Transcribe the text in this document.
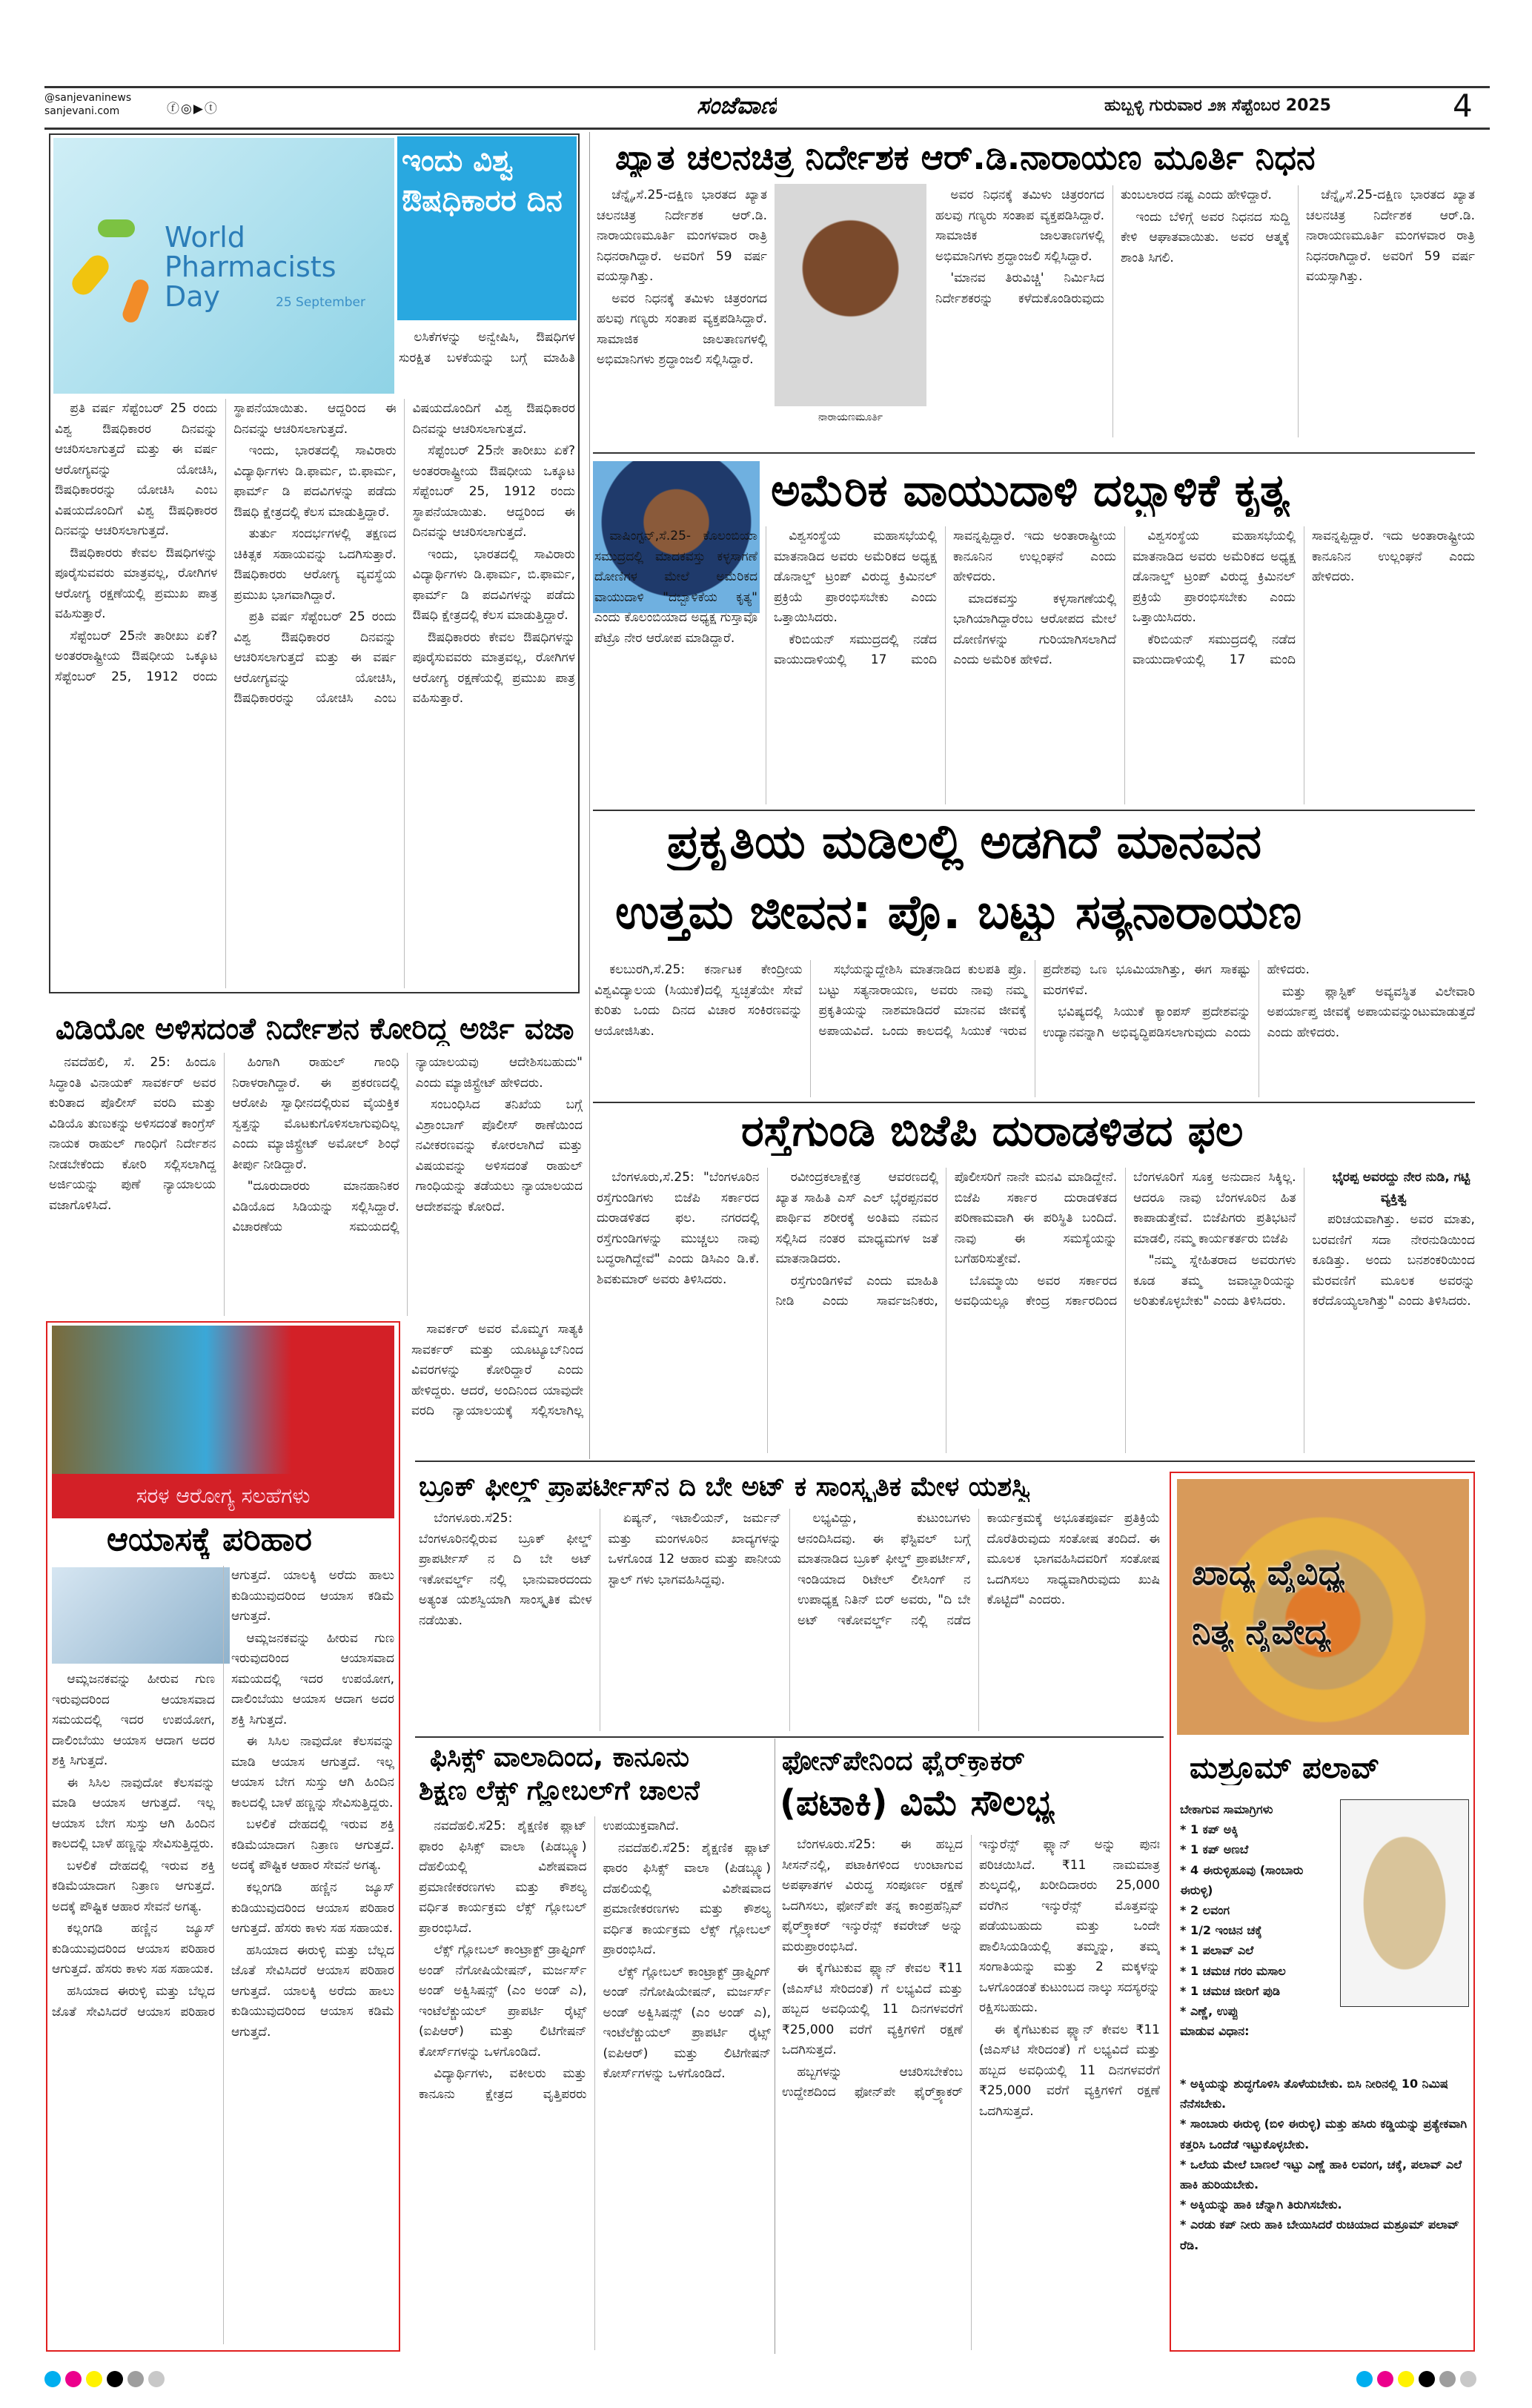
@sanjevaninews
sanjevani.com	ⓕ◎▶ⓣ	ಸಂಜೆವಾಣಿ	ಹುಬ್ಬಳ್ಳಿ ಗುರುವಾರ ೨೫ ಸೆಪ್ಟೆಂಬರ 2025	4
World Pharmacists Day	25 September
ಇಂದು ವಿಶ್ವ ಔಷಧಿಕಾರರ ದಿನ

ಲಸಿಕೆಗಳನ್ನು ಅನ್ವೇಷಿಸಿ, ಔಷಧಿಗಳ ಸುರಕ್ಷಿತ ಬಳಕೆಯನ್ನು ಬಗ್ಗೆ ಮಾಹಿತಿ

ಪ್ರತಿ ವರ್ಷ ಸೆಪ್ಟೆಂಬರ್ 25 ರಂದು ವಿಶ್ವ ಔಷಧಿಕಾರರ ದಿನವನ್ನು ಆಚರಿಸಲಾಗುತ್ತದೆ ಮತ್ತು ಈ ವರ್ಷ ಆರೋಗ್ಯವನ್ನು ಯೋಚಿಸಿ, ಔಷಧಿಕಾರರನ್ನು ಯೋಚಿಸಿ ಎಂಬ ವಿಷಯದೊಂದಿಗೆ ವಿಶ್ವ ಔಷಧಿಕಾರರ ದಿನವನ್ನು ಆಚರಿಸಲಾಗುತ್ತದೆ.

ಔಷಧಿಕಾರರು ಕೇವಲ ಔಷಧಿಗಳನ್ನು ಪೂರೈಸುವವರು ಮಾತ್ರವಲ್ಲ, ರೋಗಿಗಳ ಆರೋಗ್ಯ ರಕ್ಷಣೆಯಲ್ಲಿ ಪ್ರಮುಖ ಪಾತ್ರ ವಹಿಸುತ್ತಾರೆ.

ಸೆಪ್ಟೆಂಬರ್ 25ನೇ ತಾರೀಖು ಏಕೆ? ಅಂತರರಾಷ್ಟ್ರೀಯ ಔಷಧೀಯ ಒಕ್ಕೂಟ ಸೆಪ್ಟೆಂಬರ್ 25, 1912 ರಂದು ಸ್ಥಾಪನೆಯಾಯಿತು. ಆದ್ದರಿಂದ ಈ ದಿನವನ್ನು ಆಚರಿಸಲಾಗುತ್ತದೆ.

ಇಂದು, ಭಾರತದಲ್ಲಿ ಸಾವಿರಾರು ವಿದ್ಯಾರ್ಥಿಗಳು ಡಿ.ಫಾರ್ಮ, ಬಿ.ಫಾರ್ಮ, ಫಾರ್ಮ್ ಡಿ ಪದವಿಗಳನ್ನು ಪಡೆದು ಔಷಧಿ ಕ್ಷೇತ್ರದಲ್ಲಿ ಕೆಲಸ ಮಾಡುತ್ತಿದ್ದಾರೆ.

ತುರ್ತು ಸಂದರ್ಭಗಳಲ್ಲಿ ತಕ್ಷಣದ ಚಿಕಿತ್ಸಕ ಸಹಾಯವನ್ನು ಒದಗಿಸುತ್ತಾರೆ. ಔಷಧಿಕಾರರು ಆರೋಗ್ಯ ವ್ಯವಸ್ಥೆಯ ಪ್ರಮುಖ ಭಾಗವಾಗಿದ್ದಾರೆ.

ಪ್ರತಿ ವರ್ಷ ಸೆಪ್ಟೆಂಬರ್ 25 ರಂದು ವಿಶ್ವ ಔಷಧಿಕಾರರ ದಿನವನ್ನು ಆಚರಿಸಲಾಗುತ್ತದೆ ಮತ್ತು ಈ ವರ್ಷ ಆರೋಗ್ಯವನ್ನು ಯೋಚಿಸಿ, ಔಷಧಿಕಾರರನ್ನು ಯೋಚಿಸಿ ಎಂಬ ವಿಷಯದೊಂದಿಗೆ ವಿಶ್ವ ಔಷಧಿಕಾರರ ದಿನವನ್ನು ಆಚರಿಸಲಾಗುತ್ತದೆ.

ಸೆಪ್ಟೆಂಬರ್ 25ನೇ ತಾರೀಖು ಏಕೆ? ಅಂತರರಾಷ್ಟ್ರೀಯ ಔಷಧೀಯ ಒಕ್ಕೂಟ ಸೆಪ್ಟೆಂಬರ್ 25, 1912 ರಂದು ಸ್ಥಾಪನೆಯಾಯಿತು. ಆದ್ದರಿಂದ ಈ ದಿನವನ್ನು ಆಚರಿಸಲಾಗುತ್ತದೆ.

ಇಂದು, ಭಾರತದಲ್ಲಿ ಸಾವಿರಾರು ವಿದ್ಯಾರ್ಥಿಗಳು ಡಿ.ಫಾರ್ಮ, ಬಿ.ಫಾರ್ಮ, ಫಾರ್ಮ್ ಡಿ ಪದವಿಗಳನ್ನು ಪಡೆದು ಔಷಧಿ ಕ್ಷೇತ್ರದಲ್ಲಿ ಕೆಲಸ ಮಾಡುತ್ತಿದ್ದಾರೆ.

ಔಷಧಿಕಾರರು ಕೇವಲ ಔಷಧಿಗಳನ್ನು ಪೂರೈಸುವವರು ಮಾತ್ರವಲ್ಲ, ರೋಗಿಗಳ ಆರೋಗ್ಯ ರಕ್ಷಣೆಯಲ್ಲಿ ಪ್ರಮುಖ ಪಾತ್ರ ವಹಿಸುತ್ತಾರೆ.

ಖ್ಯಾತ ಚಲನಚಿತ್ರ ನಿರ್ದೇಶಕ ಆರ್.ಡಿ.ನಾರಾಯಣ ಮೂರ್ತಿ ನಿಧನ

ಚೆನ್ನೈ,ಸೆ.25-ದಕ್ಷಿಣ ಭಾರತದ ಖ್ಯಾತ ಚಲನಚಿತ್ರ ನಿರ್ದೇಶಕ ಆರ್.ಡಿ. ನಾರಾಯಣಮೂರ್ತಿ ಮಂಗಳವಾರ ರಾತ್ರಿ ನಿಧನರಾಗಿದ್ದಾರೆ. ಅವರಿಗೆ 59 ವರ್ಷ ವಯಸ್ಸಾಗಿತ್ತು.

ಅವರ ನಿಧನಕ್ಕೆ ತಮಿಳು ಚಿತ್ರರಂಗದ ಹಲವು ಗಣ್ಯರು ಸಂತಾಪ ವ್ಯಕ್ತಪಡಿಸಿದ್ದಾರೆ. ಸಾಮಾಜಿಕ ಜಾಲತಾಣಗಳಲ್ಲಿ ಅಭಿಮಾನಿಗಳು ಶ್ರದ್ಧಾಂಜಲಿ ಸಲ್ಲಿಸಿದ್ದಾರೆ.

ನಾರಾಯಣಮೂರ್ತಿ

ಅವರ ನಿಧನಕ್ಕೆ ತಮಿಳು ಚಿತ್ರರಂಗದ ಹಲವು ಗಣ್ಯರು ಸಂತಾಪ ವ್ಯಕ್ತಪಡಿಸಿದ್ದಾರೆ. ಸಾಮಾಜಿಕ ಜಾಲತಾಣಗಳಲ್ಲಿ ಅಭಿಮಾನಿಗಳು ಶ್ರದ್ಧಾಂಜಲಿ ಸಲ್ಲಿಸಿದ್ದಾರೆ.

'ಮಾನವ ತಿರುವಿಚ್ಚಿ' ನಿರ್ಮಿಸಿದ ನಿರ್ದೇಶಕರನ್ನು ಕಳೆದುಕೊಂಡಿರುವುದು ತುಂಬಲಾರದ ನಷ್ಟ ಎಂದು ಹೇಳಿದ್ದಾರೆ.

ಇಂದು ಬೆಳಿಗ್ಗೆ ಅವರ ನಿಧನದ ಸುದ್ದಿ ಕೇಳಿ ಆಘಾತವಾಯಿತು. ಅವರ ಆತ್ಮಕ್ಕೆ ಶಾಂತಿ ಸಿಗಲಿ.

ಚೆನ್ನೈ,ಸೆ.25-ದಕ್ಷಿಣ ಭಾರತದ ಖ್ಯಾತ ಚಲನಚಿತ್ರ ನಿರ್ದೇಶಕ ಆರ್.ಡಿ. ನಾರಾಯಣಮೂರ್ತಿ ಮಂಗಳವಾರ ರಾತ್ರಿ ನಿಧನರಾಗಿದ್ದಾರೆ. ಅವರಿಗೆ 59 ವರ್ಷ ವಯಸ್ಸಾಗಿತ್ತು.

ಅಮೆರಿಕ ವಾಯುದಾಳಿ ದಬ್ಬಾಳಿಕೆ ಕೃತ್ಯ

ವಾಷಿಂಗ್ಟನ್,ಸೆ.25- ಕೊಲಂಬಿಯಾ ಸಮುದ್ರದಲ್ಲಿ ಮಾದಕವಸ್ತು ಕಳ್ಳಸಾಗಣೆ ದೋಣಿಗಳ ಮೇಲೆ ಅಮೆರಿಕದ ವಾಯುದಾಳಿ "ದಬ್ಬಾಳಿಕೆಯ ಕೃತ್ಯ" ಎಂದು ಕೊಲಂಬಿಯಾದ ಅಧ್ಯಕ್ಷ ಗುಸ್ತಾವೊ ಪೆಟ್ರೊ ನೇರ ಆರೋಪ ಮಾಡಿದ್ದಾರೆ.

ವಿಶ್ವಸಂಸ್ಥೆಯ ಮಹಾಸಭೆಯಲ್ಲಿ ಮಾತನಾಡಿದ ಅವರು ಅಮೆರಿಕದ ಅಧ್ಯಕ್ಷ ಡೊನಾಲ್ಡ್ ಟ್ರಂಪ್ ವಿರುದ್ಧ ಕ್ರಿಮಿನಲ್ ಪ್ರಕ್ರಿಯೆ ಪ್ರಾರಂಭಿಸಬೇಕು ಎಂದು ಒತ್ತಾಯಿಸಿದರು.

ಕೆರಿಬಿಯನ್ ಸಮುದ್ರದಲ್ಲಿ ನಡೆದ ವಾಯುದಾಳಿಯಲ್ಲಿ 17 ಮಂದಿ ಸಾವನ್ನಪ್ಪಿದ್ದಾರೆ. ಇದು ಅಂತಾರಾಷ್ಟ್ರೀಯ ಕಾನೂನಿನ ಉಲ್ಲಂಘನೆ ಎಂದು ಹೇಳಿದರು.

ಮಾದಕವಸ್ತು ಕಳ್ಳಸಾಗಣೆಯಲ್ಲಿ ಭಾಗಿಯಾಗಿದ್ದಾರೆಂಬ ಆರೋಪದ ಮೇಲೆ ದೋಣಿಗಳನ್ನು ಗುರಿಯಾಗಿಸಲಾಗಿದೆ ಎಂದು ಅಮೆರಿಕ ಹೇಳಿದೆ.

ವಿಶ್ವಸಂಸ್ಥೆಯ ಮಹಾಸಭೆಯಲ್ಲಿ ಮಾತನಾಡಿದ ಅವರು ಅಮೆರಿಕದ ಅಧ್ಯಕ್ಷ ಡೊನಾಲ್ಡ್ ಟ್ರಂಪ್ ವಿರುದ್ಧ ಕ್ರಿಮಿನಲ್ ಪ್ರಕ್ರಿಯೆ ಪ್ರಾರಂಭಿಸಬೇಕು ಎಂದು ಒತ್ತಾಯಿಸಿದರು.

ಕೆರಿಬಿಯನ್ ಸಮುದ್ರದಲ್ಲಿ ನಡೆದ ವಾಯುದಾಳಿಯಲ್ಲಿ 17 ಮಂದಿ ಸಾವನ್ನಪ್ಪಿದ್ದಾರೆ. ಇದು ಅಂತಾರಾಷ್ಟ್ರೀಯ ಕಾನೂನಿನ ಉಲ್ಲಂಘನೆ ಎಂದು ಹೇಳಿದರು.

ಪ್ರಕೃತಿಯ ಮಡಿಲಲ್ಲಿ ಅಡಗಿದೆ ಮಾನವನ
ಉತ್ತಮ ಜೀವನ: ಪ್ರೊ. ಬಟ್ಟು ಸತ್ಯನಾರಾಯಣ

ಕಲಬುರಗಿ,ಸೆ.25: ಕರ್ನಾಟಕ ಕೇಂದ್ರೀಯ ವಿಶ್ವವಿದ್ಯಾಲಯ (ಸಿಯುಕೆ)ದಲ್ಲಿ ಸ್ವಚ್ಛತೆಯೇ ಸೇವೆ ಕುರಿತು ಒಂದು ದಿನದ ವಿಚಾರ ಸಂಕಿರಣವನ್ನು ಆಯೋಜಿಸಿತು.

ಸಭೆಯನ್ನುದ್ದೇಶಿಸಿ ಮಾತನಾಡಿದ ಕುಲಪತಿ ಪ್ರೊ. ಬಟ್ಟು ಸತ್ಯನಾರಾಯಣ, ಅವರು ನಾವು ನಮ್ಮ ಪ್ರಕೃತಿಯನ್ನು ನಾಶಮಾಡಿದರೆ ಮಾನವ ಜೀವಕ್ಕೆ ಅಪಾಯವಿದೆ. ಒಂದು ಕಾಲದಲ್ಲಿ ಸಿಯುಕೆ ಇರುವ ಪ್ರದೇಶವು ಒಣ ಭೂಮಿಯಾಗಿತ್ತು, ಈಗ ಸಾಕಷ್ಟು ಮರಗಳಿವೆ.

ಭವಿಷ್ಯದಲ್ಲಿ ಸಿಯುಕೆ ಕ್ಯಾಂಪಸ್ ಪ್ರದೇಶವನ್ನು ಉದ್ಯಾನವನ್ನಾಗಿ ಅಭಿವೃದ್ಧಿಪಡಿಸಲಾಗುವುದು ಎಂದು ಹೇಳಿದರು.

ಮತ್ತು ಪ್ಲಾಸ್ಟಿಕ್ ಅವ್ಯವಸ್ಥಿತ ವಿಲೇವಾರಿ ಅಪರ್ಯಾಪ್ತ ಜೀವಕ್ಕೆ ಅಪಾಯವನ್ನುಂಟುಮಾಡುತ್ತದೆ ಎಂದು ಹೇಳಿದರು.

ವಿಡಿಯೋ ಅಳಿಸದಂತೆ ನಿರ್ದೇಶನ ಕೋರಿದ್ದ ಅರ್ಜಿ ವಜಾ

ನವದೆಹಲಿ, ಸೆ. 25: ಹಿಂದೂ ಸಿದ್ಧಾಂತಿ ವಿನಾಯಕ್ ಸಾವರ್ಕರ್ ಅವರ ಕುರಿತಾದ ಪೊಲೀಸ್ ವರದಿ ಮತ್ತು ವಿಡಿಯೊ ತುಣುಕನ್ನು ಅಳಿಸದಂತೆ ಕಾಂಗ್ರೆಸ್ ನಾಯಕ ರಾಹುಲ್ ಗಾಂಧಿಗೆ ನಿರ್ದೇಶನ ನೀಡಬೇಕೆಂದು ಕೋರಿ ಸಲ್ಲಿಸಲಾಗಿದ್ದ ಅರ್ಜಿಯನ್ನು ಪುಣೆ ನ್ಯಾಯಾಲಯ ವಜಾಗೊಳಿಸಿದೆ.

ಹಿಂಗಾಗಿ ರಾಹುಲ್ ಗಾಂಧಿ ನಿರಾಳರಾಗಿದ್ದಾರೆ. ಈ ಪ್ರಕರಣದಲ್ಲಿ ಆರೋಪಿ ಸ್ವಾಧೀನದಲ್ಲಿರುವ ವೈಯಕ್ತಿಕ ಸ್ವತ್ತನ್ನು ಮೊಟಕುಗೊಳಿಸಲಾಗುವುದಿಲ್ಲ ಎಂದು ಮ್ಯಾಜಿಸ್ಟ್ರೇಟ್ ಅಮೋಲ್ ಶಿಂಧೆ ತೀರ್ಪು ನೀಡಿದ್ದಾರೆ.

"ದೂರುದಾರರು ಮಾನಹಾನಿಕರ ವಿಡಿಯೊದ ಸಿಡಿಯನ್ನು ಸಲ್ಲಿಸಿದ್ದಾರೆ. ವಿಚಾರಣೆಯ ಸಮಯದಲ್ಲಿ ನ್ಯಾಯಾಲಯವು ಆದೇಶಿಸಬಹುದು" ಎಂದು ಮ್ಯಾಜಿಸ್ಟ್ರೇಟ್ ಹೇಳಿದರು.

ಸಂಬಂಧಿಸಿದ ತನಿಖೆಯ ಬಗ್ಗೆ ವಿಶ್ರಾಂಬಾಗ್ ಪೊಲೀಸ್ ಠಾಣೆಯಿಂದ ನವೀಕರಣವನ್ನು ಕೋರಲಾಗಿದೆ ಮತ್ತು ವಿಷಯವನ್ನು ಅಳಿಸದಂತೆ ರಾಹುಲ್ ಗಾಂಧಿಯನ್ನು ತಡೆಯಲು ನ್ಯಾಯಾಲಯದ ಆದೇಶವನ್ನು ಕೋರಿದೆ.

ಸಾವರ್ಕರ್ ಅವರ ಮೊಮ್ಮಗ ಸಾತ್ಯಕಿ ಸಾವರ್ಕರ್ ಮತ್ತು ಯೂಟ್ಯೂಬ್‌ನಿಂದ ವಿವರಗಳನ್ನು ಕೋರಿದ್ದಾರೆ ಎಂದು ಹೇಳಿದ್ದರು. ಆದರೆ, ಅಂದಿನಿಂದ ಯಾವುದೇ ವರದಿ ನ್ಯಾಯಾಲಯಕ್ಕೆ ಸಲ್ಲಿಸಲಾಗಿಲ್ಲ

ರಸ್ತೆಗುಂಡಿ ಬಿಜೆಪಿ ದುರಾಡಳಿತದ ಫಲ

ಬೆಂಗಳೂರು,ಸೆ.25: "ಬೆಂಗಳೂರಿನ ರಸ್ತೆಗುಂಡಿಗಳು ಬಿಜೆಪಿ ಸರ್ಕಾರದ ದುರಾಡಳಿತದ ಫಲ. ನಗರದಲ್ಲಿ ರಸ್ತೆಗುಂಡಿಗಳನ್ನು ಮುಚ್ಚಲು ನಾವು ಬದ್ಧರಾಗಿದ್ದೇವೆ" ಎಂದು ಡಿಸಿಎಂ ಡಿ.ಕೆ. ಶಿವಕುಮಾರ್ ಅವರು ತಿಳಿಸಿದರು.

ರವೀಂದ್ರಕಲಾಕ್ಷೇತ್ರ ಆವರಣದಲ್ಲಿ ಖ್ಯಾತ ಸಾಹಿತಿ ಎಸ್ ಎಲ್ ಭೈರಪ್ಪನವರ ಪಾರ್ಥಿವ ಶರೀರಕ್ಕೆ ಅಂತಿಮ ನಮನ ಸಲ್ಲಿಸಿದ ನಂತರ ಮಾಧ್ಯಮಗಳ ಜತೆ ಮಾತನಾಡಿದರು.

ರಸ್ತೆಗುಂಡಿಗಳಿವೆ ಎಂದು ಮಾಹಿತಿ ನೀಡಿ ಎಂದು ಸಾರ್ವಜನಿಕರು, ಪೊಲೀಸರಿಗೆ ನಾನೇ ಮನವಿ ಮಾಡಿದ್ದೇನೆ. ಬಿಜೆಪಿ ಸರ್ಕಾರ ದುರಾಡಳಿತದ ಪರಿಣಾಮವಾಗಿ ಈ ಪರಿಸ್ಥಿತಿ ಬಂದಿದೆ. ನಾವು ಈ ಸಮಸ್ಯೆಯನ್ನು ಬಗೆಹರಿಸುತ್ತೇವೆ.

ಬೊಮ್ಮಾಯಿ ಅವರ ಸರ್ಕಾರದ ಅವಧಿಯಲ್ಲೂ ಕೇಂದ್ರ ಸರ್ಕಾರದಿಂದ ಬೆಂಗಳೂರಿಗೆ ಸೂಕ್ತ ಅನುದಾನ ಸಿಕ್ಕಿಲ್ಲ. ಆದರೂ ನಾವು ಬೆಂಗಳೂರಿನ ಹಿತ ಕಾಪಾಡುತ್ತೇವೆ. ಬಿಜೆಪಿಗರು ಪ್ರತಿಭಟನೆ ಮಾಡಲಿ, ನಮ್ಮ ಕಾರ್ಯಕರ್ತರು ಬಿಜೆಪಿ

"ನಮ್ಮ ಸ್ನೇಹಿತರಾದ ಅವರುಗಳು ಕೂಡ ತಮ್ಮ ಜವಾಬ್ದಾರಿಯನ್ನು ಅರಿತುಕೊಳ್ಳಬೇಕು" ಎಂದು ತಿಳಿಸಿದರು.

ಭೈರಪ್ಪ ಅವರದ್ದು ನೇರ ನುಡಿ, ಗಟ್ಟಿ ವ್ಯಕ್ತಿತ್ವ

ಪರಿಚಯವಾಗಿತ್ತು. ಅವರ ಮಾತು, ಬರವಣಿಗೆ ಸದಾ ನೇರನುಡಿಯಿಂದ ಕೂಡಿತ್ತು. ಅಂದು ಬನಶಂಕರಿಯಿಂದ ಮೆರವಣಿಗೆ ಮೂಲಕ ಅವರನ್ನು ಕರೆದೊಯ್ಯಲಾಗಿತ್ತು" ಎಂದು ತಿಳಿಸಿದರು.

ಸರಳ ಆರೋಗ್ಯ ಸಲಹೆಗಳು
ಆಯಾಸಕ್ಕೆ ಪರಿಹಾರ

ಆಮ್ಲಜನಕವನ್ನು ಹೀರುವ ಗುಣ ಇರುವುದರಿಂದ ಆಯಾಸವಾದ ಸಮಯದಲ್ಲಿ ಇದರ ಉಪಯೋಗ, ದಾಲಿಂಬೆಯು ಆಯಾಸ ಆದಾಗ ಅದರ ಶಕ್ತಿ ಸಿಗುತ್ತದೆ.

ಈ ಸಿಸಿಲ ನಾವುದೋ ಕೆಲಸವನ್ನು ಮಾಡಿ ಆಯಾಸ ಆಗುತ್ತದೆ. ಇಲ್ಲ ಆಯಾಸ ಬೇಗ ಸುಸ್ತು ಆಗಿ ಹಿಂದಿನ ಕಾಲದಲ್ಲಿ ಬಾಳೆ ಹಣ್ಣನ್ನು ಸೇವಿಸುತ್ತಿದ್ದರು.

ಬಳಲಿಕೆ ದೇಹದಲ್ಲಿ ಇರುವ ಶಕ್ತಿ ಕಡಿಮೆಯಾದಾಗ ನಿತ್ರಾಣ ಆಗುತ್ತದೆ. ಅದಕ್ಕೆ ಪೌಷ್ಟಿಕ ಆಹಾರ ಸೇವನೆ ಅಗತ್ಯ.

ಕಲ್ಲಂಗಡಿ ಹಣ್ಣಿನ ಜ್ಯೂಸ್ ಕುಡಿಯುವುದರಿಂದ ಆಯಾಸ ಪರಿಹಾರ ಆಗುತ್ತದೆ. ಹೆಸರು ಕಾಳು ಸಹ ಸಹಾಯಕ.

ಹಸಿಯಾದ ಈರುಳ್ಳಿ ಮತ್ತು ಬೆಲ್ಲದ ಜೊತೆ ಸೇವಿಸಿದರೆ ಆಯಾಸ ಪರಿಹಾರ ಆಗುತ್ತದೆ. ಯಾಲಕ್ಕಿ ಅರೆದು ಹಾಲು ಕುಡಿಯುವುದರಿಂದ ಆಯಾಸ ಕಡಿಮೆ ಆಗುತ್ತದೆ.

ಆಮ್ಲಜನಕವನ್ನು ಹೀರುವ ಗುಣ ಇರುವುದರಿಂದ ಆಯಾಸವಾದ ಸಮಯದಲ್ಲಿ ಇದರ ಉಪಯೋಗ, ದಾಲಿಂಬೆಯು ಆಯಾಸ ಆದಾಗ ಅದರ ಶಕ್ತಿ ಸಿಗುತ್ತದೆ.

ಈ ಸಿಸಿಲ ನಾವುದೋ ಕೆಲಸವನ್ನು ಮಾಡಿ ಆಯಾಸ ಆಗುತ್ತದೆ. ಇಲ್ಲ ಆಯಾಸ ಬೇಗ ಸುಸ್ತು ಆಗಿ ಹಿಂದಿನ ಕಾಲದಲ್ಲಿ ಬಾಳೆ ಹಣ್ಣನ್ನು ಸೇವಿಸುತ್ತಿದ್ದರು.

ಬಳಲಿಕೆ ದೇಹದಲ್ಲಿ ಇರುವ ಶಕ್ತಿ ಕಡಿಮೆಯಾದಾಗ ನಿತ್ರಾಣ ಆಗುತ್ತದೆ. ಅದಕ್ಕೆ ಪೌಷ್ಟಿಕ ಆಹಾರ ಸೇವನೆ ಅಗತ್ಯ.

ಕಲ್ಲಂಗಡಿ ಹಣ್ಣಿನ ಜ್ಯೂಸ್ ಕುಡಿಯುವುದರಿಂದ ಆಯಾಸ ಪರಿಹಾರ ಆಗುತ್ತದೆ. ಹೆಸರು ಕಾಳು ಸಹ ಸಹಾಯಕ.

ಹಸಿಯಾದ ಈರುಳ್ಳಿ ಮತ್ತು ಬೆಲ್ಲದ ಜೊತೆ ಸೇವಿಸಿದರೆ ಆಯಾಸ ಪರಿಹಾರ ಆಗುತ್ತದೆ. ಯಾಲಕ್ಕಿ ಅರೆದು ಹಾಲು ಕುಡಿಯುವುದರಿಂದ ಆಯಾಸ ಕಡಿಮೆ ಆಗುತ್ತದೆ.

ಬ್ರೂಕ್ ಫೀಲ್ಡ್ ಪ್ರಾಪರ್ಟೀಸ್‌ನ ದಿ ಬೇ ಅಟ್ ಕ ಸಾಂಸ್ಕೃತಿಕ ಮೇಳ ಯಶಸ್ವಿ

ಬೆಂಗಳೂರು.ಸೆ25: ಬೆಂಗಳೂರಿನಲ್ಲಿರುವ ಬ್ರೂಕ್ ಫೀಲ್ಡ್ ಪ್ರಾಪರ್ಟೀಸ್ ನ ದಿ ಬೇ ಅಟ್ ಇಕೋವರ್ಲ್ಡ್ ನಲ್ಲಿ ಭಾನುವಾರದಂದು ಅತ್ಯಂತ ಯಶಸ್ವಿಯಾಗಿ ಸಾಂಸ್ಕೃತಿಕ ಮೇಳ ನಡೆಯಿತು.

ಏಷ್ಯನ್, ಇಟಾಲಿಯನ್, ಜರ್ಮನ್ ಮತ್ತು ಮಂಗಳೂರಿನ ಖಾದ್ಯಗಳನ್ನು ಒಳಗೊಂಡ 12 ಆಹಾರ ಮತ್ತು ಪಾನೀಯ ಸ್ಟಾಲ್ ಗಳು ಭಾಗವಹಿಸಿದ್ದವು.

ಲಭ್ಯವಿದ್ದು, ಕುಟುಂಬಗಳು ಆನಂದಿಸಿದವು. ಈ ಫೆಸ್ಟಿವಲ್ ಬಗ್ಗೆ ಮಾತನಾಡಿದ ಬ್ರೂಕ್ ಫೀಲ್ಡ್ ಪ್ರಾಪರ್ಟೀಸ್, ಇಂಡಿಯಾದ ರಿಟೇಲ್ ಲೀಸಿಂಗ್ ನ ಉಪಾಧ್ಯಕ್ಷ ನಿತಿನ್ ಬಿರ್ ಅವರು, "ದಿ ಬೇ ಅಟ್ ಇಕೋವರ್ಲ್ಡ್ ನಲ್ಲಿ ನಡೆದ ಕಾರ್ಯಕ್ರಮಕ್ಕೆ ಅಭೂತಪೂರ್ವ ಪ್ರತಿಕ್ರಿಯೆ ದೊರೆತಿರುವುದು ಸಂತೋಷ ತಂದಿದೆ. ಈ ಮೂಲಕ ಭಾಗವಹಿಸಿದವರಿಗೆ ಸಂತೋಷ ಒದಗಿಸಲು ಸಾಧ್ಯವಾಗಿರುವುದು ಖುಷಿ ಕೊಟ್ಟಿದೆ" ಎಂದರು.

ಫಿಸಿಕ್ಸ್ ವಾಲಾದಿಂದ, ಕಾನೂನು
ಶಿಕ್ಷಣ ಲೆಕ್ಸ್ ಗ್ಲೋಬಲ್‌ಗೆ ಚಾಲನೆ

ನವದೆಹಲಿ.ಸೆ25: ಶೈಕ್ಷಣಿಕ ಪ್ಲಾಟ್ ಫಾರಂ ಫಿಸಿಕ್ಸ್ ವಾಲಾ (ಪಿಡಬ್ಲ್ಯೂ) ದೆಹಲಿಯಲ್ಲಿ ವಿಶೇಷವಾದ ಪ್ರಮಾಣೀಕರಣಗಳು ಮತ್ತು ಕೌಶಲ್ಯ ವರ್ಧಿತ ಕಾರ್ಯಕ್ರಮ ಲೆಕ್ಸ್ ಗ್ಲೋಬಲ್ ಪ್ರಾರಂಭಿಸಿದೆ.

ಲೆಕ್ಸ್ ಗ್ಲೋಬಲ್ ಕಾಂಟ್ರಾಕ್ಟ್ ಡ್ರಾಫ್ಟಿಂಗ್ ಅಂಡ್ ನೆಗೋಷಿಯೇಷನ್, ಮರ್ಜರ್ಸ್ ಅಂಡ್ ಅಕ್ವಿಸಿಷನ್ಸ್ (ಎಂ ಅಂಡ್ ಎ), ಇಂಟೆಲೆಕ್ಚುಯಲ್ ಪ್ರಾಪರ್ಟಿ ರೈಟ್ಸ್ (ಐಪಿಆರ್) ಮತ್ತು ಲಿಟಿಗೇಷನ್ ಕೋರ್ಸ್‌ಗಳನ್ನು ಒಳಗೊಂಡಿದೆ.

ವಿದ್ಯಾರ್ಥಿಗಳು, ವಕೀಲರು ಮತ್ತು ಕಾನೂನು ಕ್ಷೇತ್ರದ ವೃತ್ತಿಪರರು ಉಪಯುಕ್ತವಾಗಿದೆ.

ನವದೆಹಲಿ.ಸೆ25: ಶೈಕ್ಷಣಿಕ ಪ್ಲಾಟ್ ಫಾರಂ ಫಿಸಿಕ್ಸ್ ವಾಲಾ (ಪಿಡಬ್ಲ್ಯೂ) ದೆಹಲಿಯಲ್ಲಿ ವಿಶೇಷವಾದ ಪ್ರಮಾಣೀಕರಣಗಳು ಮತ್ತು ಕೌಶಲ್ಯ ವರ್ಧಿತ ಕಾರ್ಯಕ್ರಮ ಲೆಕ್ಸ್ ಗ್ಲೋಬಲ್ ಪ್ರಾರಂಭಿಸಿದೆ.

ಲೆಕ್ಸ್ ಗ್ಲೋಬಲ್ ಕಾಂಟ್ರಾಕ್ಟ್ ಡ್ರಾಫ್ಟಿಂಗ್ ಅಂಡ್ ನೆಗೋಷಿಯೇಷನ್, ಮರ್ಜರ್ಸ್ ಅಂಡ್ ಅಕ್ವಿಸಿಷನ್ಸ್ (ಎಂ ಅಂಡ್ ಎ), ಇಂಟೆಲೆಕ್ಚುಯಲ್ ಪ್ರಾಪರ್ಟಿ ರೈಟ್ಸ್ (ಐಪಿಆರ್) ಮತ್ತು ಲಿಟಿಗೇಷನ್ ಕೋರ್ಸ್‌ಗಳನ್ನು ಒಳಗೊಂಡಿದೆ.

ಫೋನ್‌ಪೇನಿಂದ ಫೈರ್‌ಕ್ರ್ಯಾಕರ್
(ಪಟಾಕಿ) ವಿಮೆ ಸೌಲಭ್ಯ

ಬೆಂಗಳೂರು.ಸೆ25: ಈ ಹಬ್ಬದ ಸೀಸನ್‌ನಲ್ಲಿ, ಪಟಾಕಿಗಳಿಂದ ಉಂಟಾಗುವ ಅಪಘಾತಗಳ ವಿರುದ್ಧ ಸಂಪೂರ್ಣ ರಕ್ಷಣೆ ಒದಗಿಸಲು, ಫೋನ್‌ಪೇ ತನ್ನ ಕಾಂಪ್ರಹೆನ್ಸಿವ್ ಫೈರ್‌ಕ್ರ್ಯಾಕರ್ ಇನ್ಶುರೆನ್ಸ್ ಕವರೇಜ್ ಅನ್ನು ಮರುಪ್ರಾರಂಭಿಸಿದೆ.

ಈ ಕೈಗೆಟುಕುವ ಪ್ಲ್ಯಾನ್ ಕೇವಲ ₹11 (ಜಿಎಸ್‌ಟಿ ಸೇರಿದಂತೆ) ಗೆ ಲಭ್ಯವಿದೆ ಮತ್ತು ಹಬ್ಬದ ಅವಧಿಯಲ್ಲಿ 11 ದಿನಗಳವರೆಗೆ ₹25,000 ವರೆಗೆ ವ್ಯಕ್ತಿಗಳಿಗೆ ರಕ್ಷಣೆ ಒದಗಿಸುತ್ತದೆ.

ಹಬ್ಬಗಳನ್ನು ಆಚರಿಸಬೇಕೆಂಬ ಉದ್ದೇಶದಿಂದ ಫೋನ್‌ಪೇ ಫೈರ್‌ಕ್ರ್ಯಾಕರ್ ಇನ್ಶುರೆನ್ಸ್ ಪ್ಲ್ಯಾನ್ ಅನ್ನು ಪುನಃ ಪರಿಚಯಿಸಿದೆ. ₹11 ನಾಮಮಾತ್ರ ಶುಲ್ಕದಲ್ಲಿ, ಖರೀದಿದಾರರು 25,000 ವರೆಗಿನ ಇನ್ಶುರೆನ್ಸ್ ಮೊತ್ತವನ್ನು ಪಡೆಯಬಹುದು ಮತ್ತು ಒಂದೇ ಪಾಲಿಸಿಯಡಿಯಲ್ಲಿ ತಮ್ಮನ್ನು, ತಮ್ಮ ಸಂಗಾತಿಯನ್ನು ಮತ್ತು 2 ಮಕ್ಕಳನ್ನು ಒಳಗೊಂಡಂತೆ ಕುಟುಂಬದ ನಾಲ್ಕು ಸದಸ್ಯರನ್ನು ರಕ್ಷಿಸಬಹುದು.

ಈ ಕೈಗೆಟುಕುವ ಪ್ಲ್ಯಾನ್ ಕೇವಲ ₹11 (ಜಿಎಸ್‌ಟಿ ಸೇರಿದಂತೆ) ಗೆ ಲಭ್ಯವಿದೆ ಮತ್ತು ಹಬ್ಬದ ಅವಧಿಯಲ್ಲಿ 11 ದಿನಗಳವರೆಗೆ ₹25,000 ವರೆಗೆ ವ್ಯಕ್ತಿಗಳಿಗೆ ರಕ್ಷಣೆ ಒದಗಿಸುತ್ತದೆ.

ಖಾದ್ಯ ವೈವಿಧ್ಯ
ನಿತ್ಯ ನೈವೇದ್ಯ
ಮಶ್ರೂಮ್ ಪಲಾವ್
ಬೇಕಾಗುವ ಸಾಮಾಗ್ರಿಗಳು
* 1 ಕಪ್ ಅಕ್ಕಿ
* 1 ಕಪ್ ಅಣಬೆ
* 4 ಈರುಳ್ಳಿಹೂವು (ಸಾಂಬಾರು ಈರುಳ್ಳಿ)
* 2 ಲವಂಗ
* 1/2 ಇಂಚಿನ ಚಕ್ಕೆ
* 1 ಪಲಾವ್ ಎಲೆ
* 1 ಚಮಚ ಗರಂ ಮಸಾಲ
* 1 ಚಮಚ ಜೀರಿಗೆ ಪುಡಿ
* ಎಣ್ಣೆ, ಉಪ್ಪು
ಮಾಡುವ ವಿಧಾನ:
* ಅಕ್ಕಿಯನ್ನು ಶುದ್ಧಗೊಳಿಸಿ ತೊಳೆಯಬೇಕು. ಬಿಸಿ ನೀರಿನಲ್ಲಿ 10 ನಿಮಿಷ ನೆನೆಸಬೇಕು.
* ಸಾಂಬಾರು ಈರುಳ್ಳಿ (ಬಿಳಿ ಈರುಳ್ಳಿ) ಮತ್ತು ಹಸಿರು ಕಡ್ಡಿಯನ್ನು ಪ್ರತ್ಯೇಕವಾಗಿ ಕತ್ತರಿಸಿ ಒಂದೆಡೆ ಇಟ್ಟುಕೊಳ್ಳಬೇಕು.
* ಒಲೆಯ ಮೇಲೆ ಬಾಣಲೆ ಇಟ್ಟು ಎಣ್ಣೆ ಹಾಕಿ ಲವಂಗ, ಚಕ್ಕೆ, ಪಲಾವ್ ಎಲೆ ಹಾಕಿ ಹುರಿಯಬೇಕು.
* ಅಕ್ಕಿಯನ್ನು ಹಾಕಿ ಚೆನ್ನಾಗಿ ತಿರುಗಿಸಬೇಕು.
* ಎರಡು ಕಪ್ ನೀರು ಹಾಕಿ ಬೇಯಿಸಿದರೆ ರುಚಿಯಾದ ಮಶ್ರೂಮ್ ಪಲಾವ್ ರೆಡಿ.
